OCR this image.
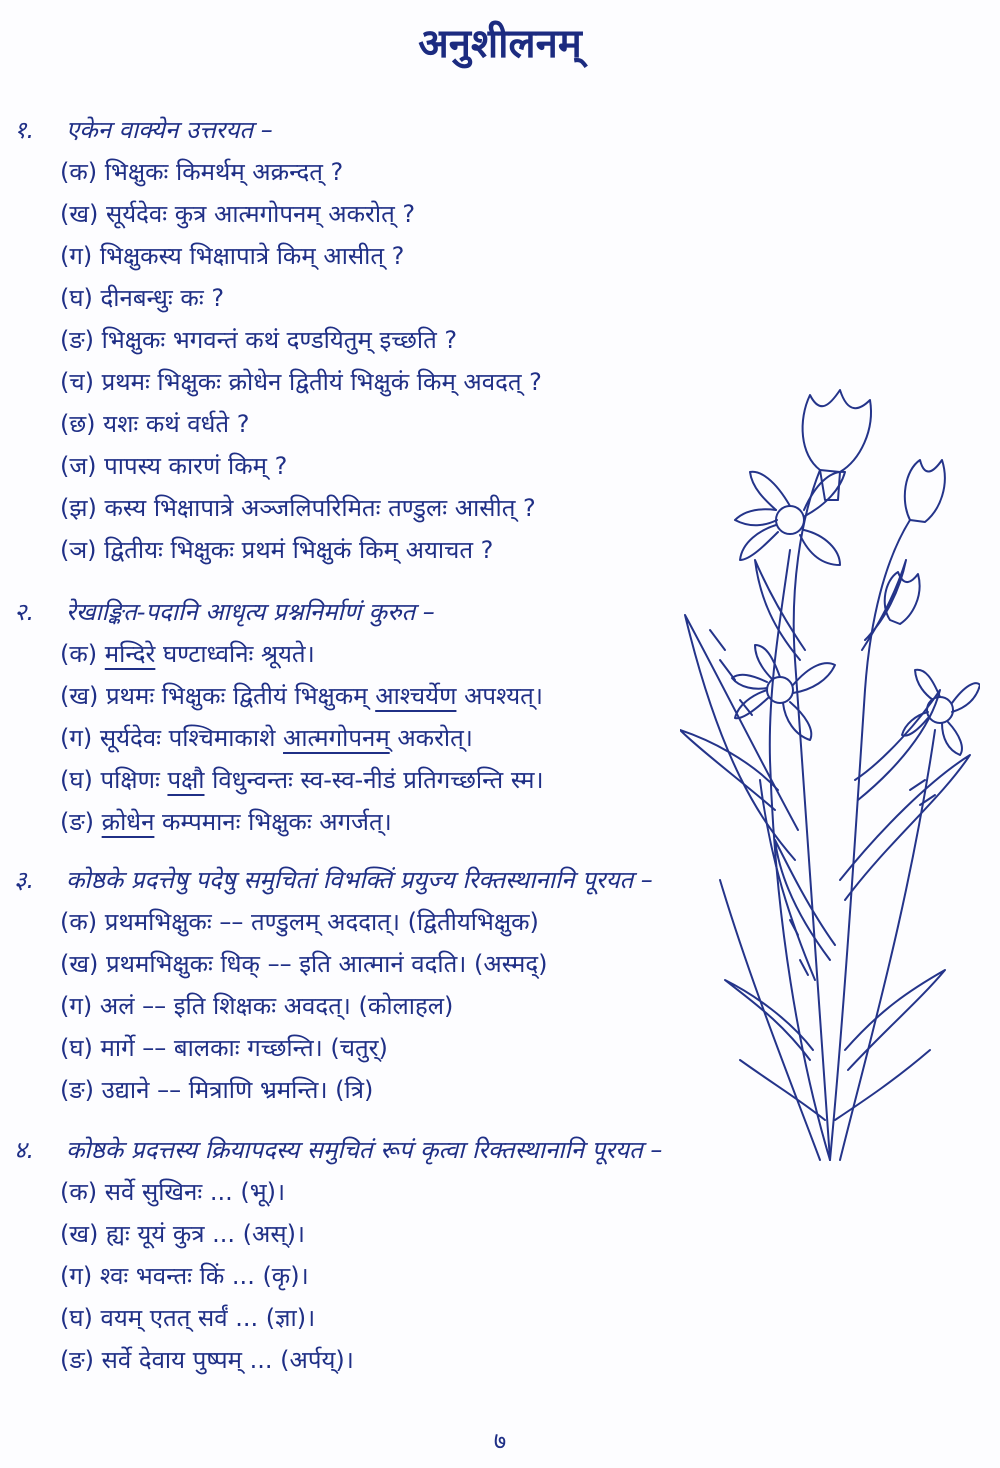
अनुशीलनम्
१. एकेन वाक्येन उत्तरयत –
(क) भिक्षुकः किमर्थम् अक्रन्दत् ?
(ख) सूर्यदेवः कुत्र आत्मगोपनम् अकरोत् ?
(ग) भिक्षुकस्य भिक्षापात्रे किम् आसीत् ?
(घ) दीनबन्धुः कः ?
(ङ) भिक्षुकः भगवन्तं कथं दण्डयितुम् इच्छति ?
(च) प्रथमः भिक्षुकः क्रोधेन द्वितीयं भिक्षुकं किम् अवदत् ?
(छ) यशः कथं वर्धते ?
(ज) पापस्य कारणं किम् ?
(झ) कस्य भिक्षापात्रे अञ्जलिपरिमितः तण्डुलः आसीत् ?
(ञ) द्वितीयः भिक्षुकः प्रथमं भिक्षुकं किम् अयाचत ?
२. रेखाङ्कित-पदानि आधृत्य प्रश्ननिर्माणं कुरुत –
(क) मन्दिरे घण्टाध्वनिः श्रूयते।
(ख) प्रथमः भिक्षुकः द्वितीयं भिक्षुकम् आश्चर्येण अपश्यत्।
(ग) सूर्यदेवः पश्चिमाकाशे आत्मगोपनम् अकरोत्।
(घ) पक्षिणः पक्षौ विधुन्वन्तः स्व-स्व-नीडं प्रतिगच्छन्ति स्म।
(ङ) क्रोधेन कम्पमानः भिक्षुकः अगर्जत्।
३. कोष्ठके प्रदत्तेषु पदेषु समुचितां विभक्तिं प्रयुज्य रिक्तस्थानानि पूरयत –
(क) प्रथमभिक्षुकः –– तण्डुलम् अददात्। (द्वितीयभिक्षुक)
(ख) प्रथमभिक्षुकः धिक् –– इति आत्मानं वदति। (अस्मद्)
(ग) अलं –– इति शिक्षकः अवदत्। (कोलाहल)
(घ) मार्गे –– बालकाः गच्छन्ति। (चतुर्)
(ङ) उद्याने –– मित्राणि भ्रमन्ति। (त्रि)
४. कोष्ठके प्रदत्तस्य क्रियापदस्य समुचितं रूपं कृत्वा रिक्तस्थानानि पूरयत –
(क) सर्वे सुखिनः ... (भू)।
(ख) ह्यः यूयं कुत्र ... (अस्)।
(ग) श्वः भवन्तः किं ... (कृ)।
(घ) वयम् एतत् सर्वं ... (ज्ञा)।
(ङ) सर्वे देवाय पुष्पम् ... (अर्पय्)।
७
